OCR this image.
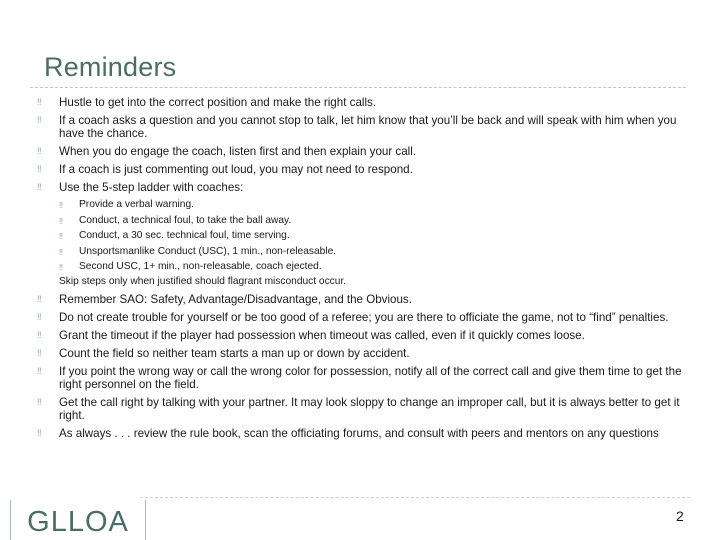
Reminders
‼ Hustle to get into the correct position and make the right calls.
‼ If a coach asks a question and you cannot stop to talk, let him know that you’ll be back and will speak with him when you have the chance.
‼ When you do engage the coach, listen first and then explain your call.
‼ If a coach is just commenting out loud, you may not need to respond.
‼ Use the 5-step ladder with coaches:
‼ Provide a verbal warning.
‼ Conduct, a technical foul, to take the ball away.
‼ Conduct, a 30 sec. technical foul, time serving.
‼ Unsportsmanlike Conduct (USC), 1 min., non-releasable.
‼ Second USC, 1+ min., non-releasable, coach ejected.
Skip steps only when justified should flagrant misconduct occur.
‼ Remember SAO: Safety, Advantage/Disadvantage, and the Obvious.
‼ Do not create trouble for yourself or be too good of a referee; you are there to officiate the game, not to “find” penalties.
‼ Grant the timeout if the player had possession when timeout was called, even if it quickly comes loose.
‼ Count the field so neither team starts a man up or down by accident.
‼ If you point the wrong way or call the wrong color for possession, notify all of the correct call and give them time to get the right personnel on the field.
‼ Get the call right by talking with your partner. It may look sloppy to change an improper call, but it is always better to get it right.
‼ As always . . . review the rule book, scan the officiating forums, and consult with peers and mentors on any questions
GLLOA	2
